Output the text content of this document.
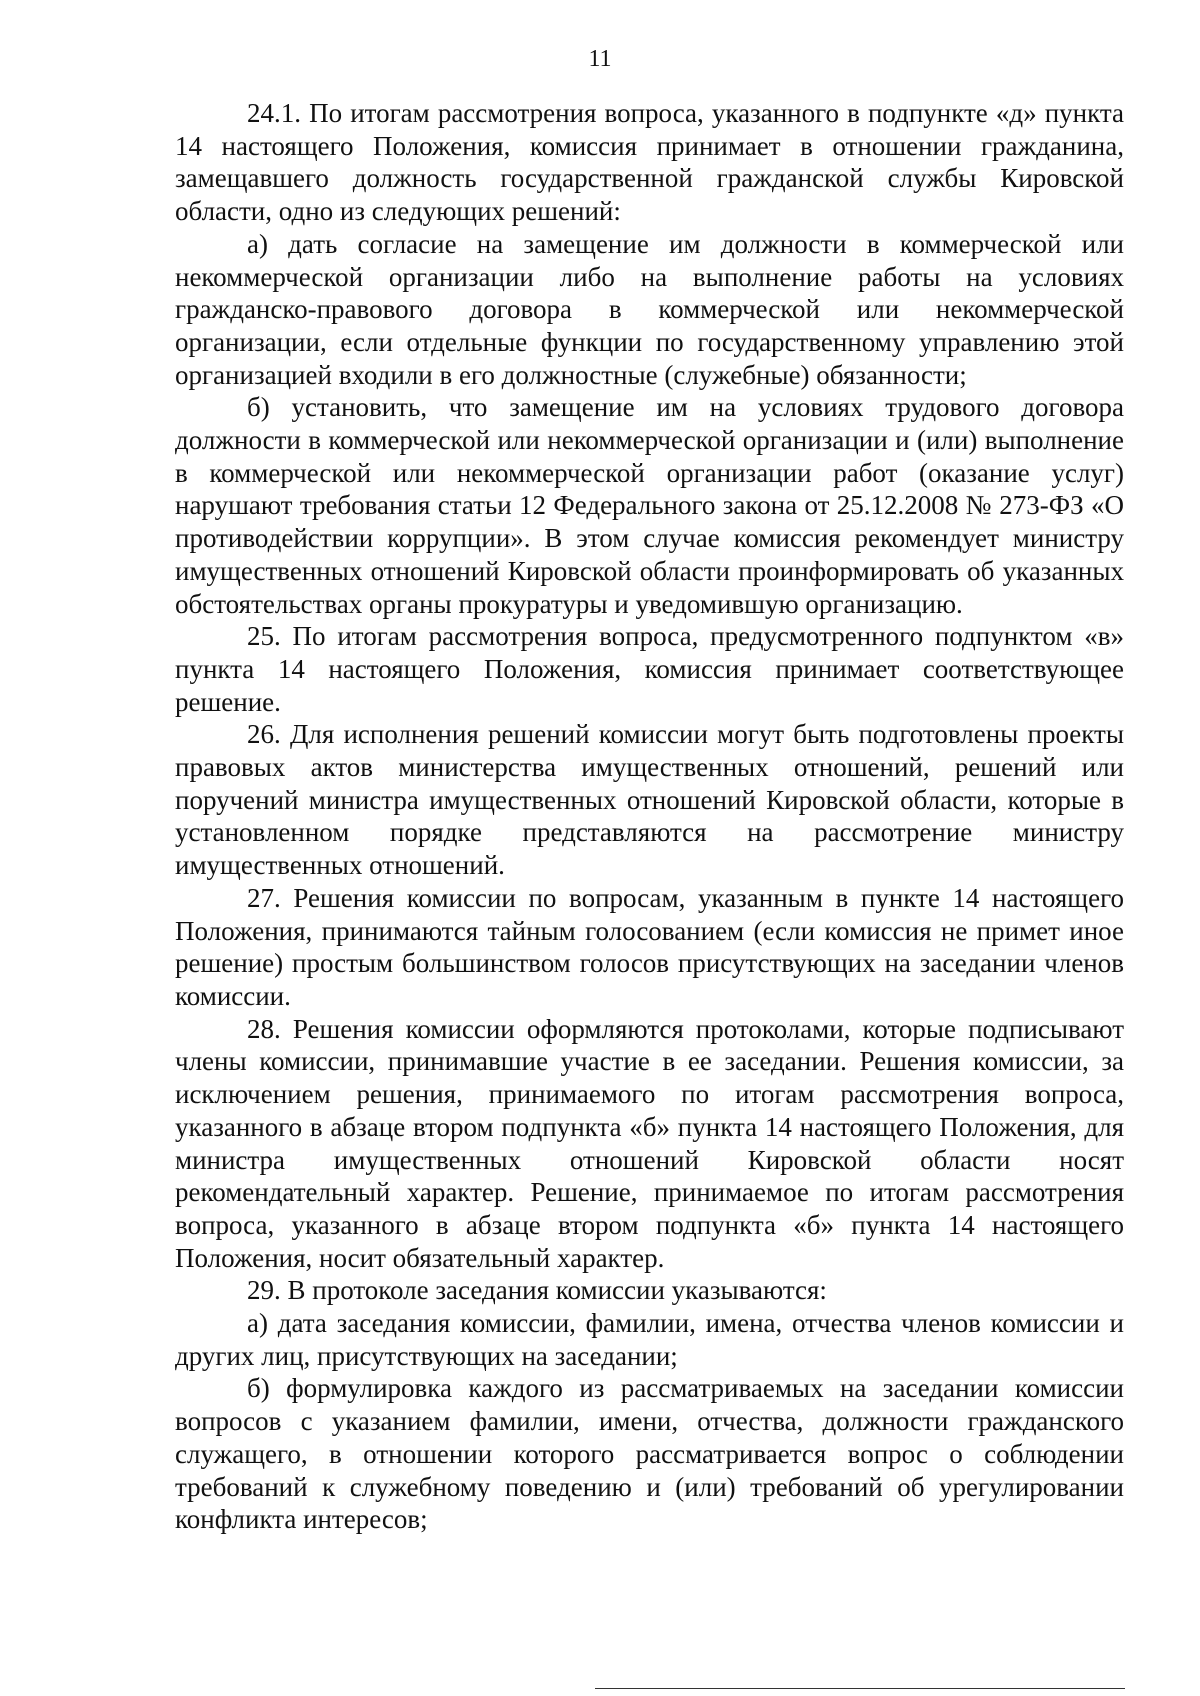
11

24.1. По итогам рассмотрения вопроса, указанного в подпункте «д» пункта 14 настоящего Положения, комиссия принимает в отношении гражданина, замещавшего должность государственной гражданской службы Кировской области, одно из следующих решений:

а) дать согласие на замещение им должности в коммерческой или некоммерческой организации либо на выполнение работы на условиях гражданско-правового договора в коммерческой или некоммерческой организации, если отдельные функции по государственному управлению этой организацией входили в его должностные (служебные) обязанности;

б) установить, что замещение им на условиях трудового договора должности в коммерческой или некоммерческой организации и (или) выполнение в коммерческой или некоммерческой организации работ (оказание услуг) нарушают требования статьи 12 Федерального закона от 25.12.2008 № 273-ФЗ «О противодействии коррупции». В этом случае комиссия рекомендует министру имущественных отношений Кировской области проинформировать об указанных обстоятельствах органы прокуратуры и уведомившую организацию.

25. По итогам рассмотрения вопроса, предусмотренного подпунктом «в» пункта 14 настоящего Положения, комиссия принимает соответствующее решение.

26. Для исполнения решений комиссии могут быть подготовлены проекты правовых актов министерства имущественных отношений, решений или поручений министра имущественных отношений Кировской области, которые в установленном порядке представляются на рассмотрение министру имущественных отношений.

27. Решения комиссии по вопросам, указанным в пункте 14 настоящего Положения, принимаются тайным голосованием (если комиссия не примет иное решение) простым большинством голосов присутствующих на заседании членов комиссии.

28. Решения комиссии оформляются протоколами, которые подписывают члены комиссии, принимавшие участие в ее заседании. Решения комиссии, за исключением решения, принимаемого по итогам рассмотрения вопроса, указанного в абзаце втором подпункта «б» пункта 14 настоящего Положения, для министра имущественных отношений Кировской области носят рекомендательный характер. Решение, принимаемое по итогам рассмотрения вопроса, указанного в абзаце втором подпункта «б» пункта 14 настоящего Положения, носит обязательный характер.

29. В протоколе заседания комиссии указываются:

а) дата заседания комиссии, фамилии, имена, отчества членов комиссии и других лиц, присутствующих на заседании;

б) формулировка каждого из рассматриваемых на заседании комиссии вопросов с указанием фамилии, имени, отчества, должности гражданского служащего, в отношении которого рассматривается вопрос о соблюдении требований к служебному поведению и (или) требований об урегулировании конфликта интересов;
